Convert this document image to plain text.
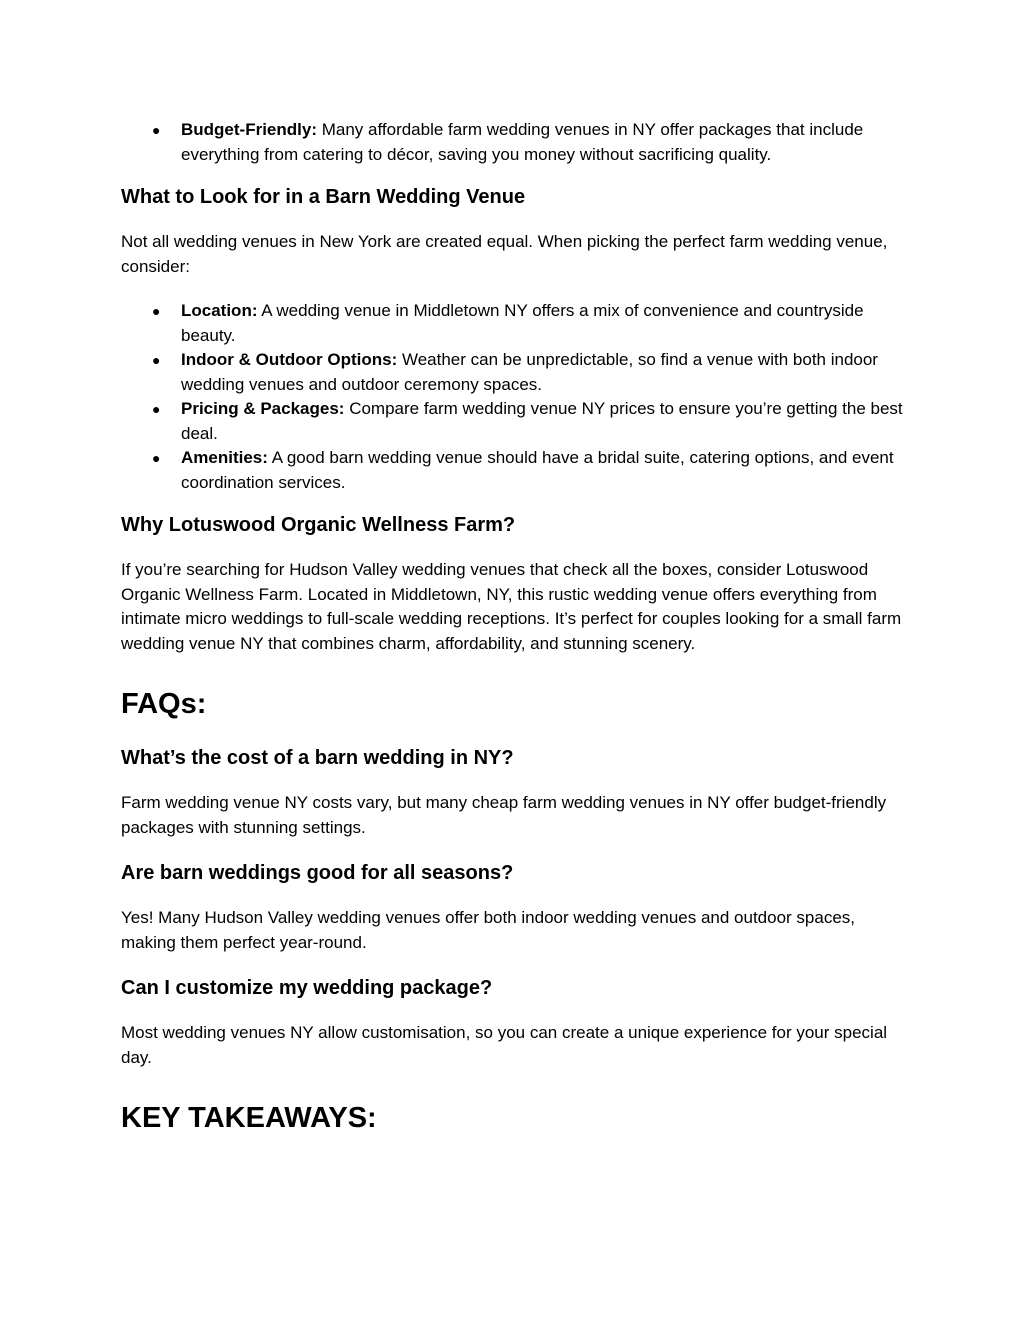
● Budget-Friendly: Many affordable farm wedding venues in NY offer packages that include everything from catering to décor, saving you money without sacrificing quality.
What to Look for in a Barn Wedding Venue

Not all wedding venues in New York are created equal. When picking the perfect farm wedding venue, consider:

● Location: A wedding venue in Middletown NY offers a mix of convenience and countryside beauty.
● Indoor & Outdoor Options: Weather can be unpredictable, so find a venue with both indoor wedding venues and outdoor ceremony spaces.
● Pricing & Packages: Compare farm wedding venue NY prices to ensure you’re getting the best deal.
● Amenities: A good barn wedding venue should have a bridal suite, catering options, and event coordination services.
Why Lotuswood Organic Wellness Farm?

If you’re searching for Hudson Valley wedding venues that check all the boxes, consider Lotuswood Organic Wellness Farm. Located in Middletown, NY, this rustic wedding venue offers everything from intimate micro weddings to full-scale wedding receptions. It’s perfect for couples looking for a small farm wedding venue NY that combines charm, affordability, and stunning scenery.

FAQs:
What’s the cost of a barn wedding in NY?

Farm wedding venue NY costs vary, but many cheap farm wedding venues in NY offer budget-friendly packages with stunning settings.

Are barn weddings good for all seasons?

Yes! Many Hudson Valley wedding venues offer both indoor wedding venues and outdoor spaces, making them perfect year-round.

Can I customize my wedding package?

Most wedding venues NY allow customisation, so you can create a unique experience for your special day.

KEY TAKEAWAYS:
